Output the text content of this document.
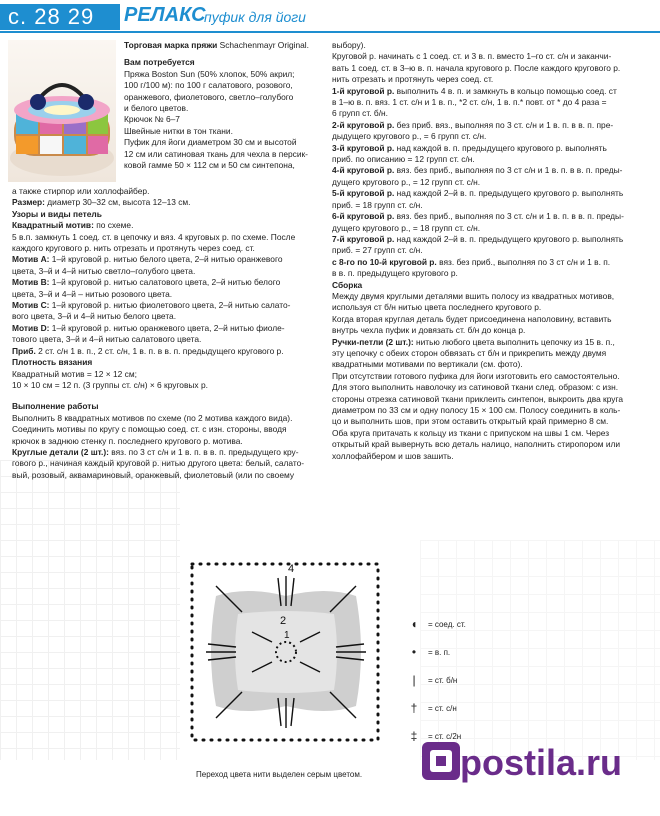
с. 28 29	РЕЛАКС
пуфик для йоги

Торговая марка пряжи Schachenmayr Original.

Вам потребуется

Пряжа Boston Sun (50% хлопок, 50% акрил;

100 г/100 м): по 100 г салатового, розового,

оранжевого, фиолетового, светло–голубого

и белого цветов.

Крючок № 6–7

Швейные нитки в тон ткани.

Пуфик для йоги диаметром 30 см и высотой

12 см или сатиновая ткань для чехла в персик-

ковой гамме 50 × 112 см и 50 см синтепона,

а также стирпор или холлофайбер.

Размер: диаметр 30–32 см, высота 12–13 см.

Узоры и виды петель

Квадратный мотив: по схеме.

5 в.п. замкнуть 1 соед. ст. в цепочку и вяз. 4 круговых р. по схеме. После

каждого кругового р. нить отрезать и протянуть через соед. ст.

Мотив А: 1–й круговой р. нитью белого цвета, 2–й нитью оранжевого

цвета, 3–й и 4–й нитью светло–голубого цвета.

Мотив В: 1–й круговой р. нитью салатового цвета, 2–й нитью белого

цвета, 3–й и 4–й – нитью розового цвета.

Мотив С: 1–й круговой р. нитью фиолетового цвета, 2–й нитью салато-

вого цвета, 3–й и 4–й нитью белого цвета.

Мотив D: 1–й круговой р. нитью оранжевого цвета, 2–й нитью фиоле-

тового цвета, 3–й и 4–й нитью салатового цвета.

Приб. 2 ст. с/н 1 в. п., 2 ст. с/н, 1 в. п. в в. п. предыдущего кругового р.

Плотность вязания

Квадратный мотив = 12 × 12 см;

10 × 10 см = 12 п. (3 группы ст. с/н) × 6 круговых р.

Выполнение работы

Выполнить 8 квадратных мотивов по схеме (по 2 мотива каждого вида).

Соединить мотивы по кругу с помощью соед. ст. с изн. стороны, вводя

крючок в заднюю стенку п. последнего кругового р. мотива.

Круглые детали (2 шт.): вяз. по 3 ст с/н и 1 в. п. в в. п. предыдущего кру-

гового р., начиная каждый круговой р. нитью другого цвета: белый, салато-

вый, розовый, аквамариновый, оранжевый, фиолетовый (или по своему

выбору).

Круговой р. начинать с 1 соед. ст. и 3 в. п. вместо 1–го ст. с/н и заканчи-

вать 1 соед. ст. в 3–ю в. п. начала кругового р. После каждого кругового р.

нить отрезать и протянуть через соед. ст.

1-й круговой р. выполнить 4 в. п. и замкнуть в кольцо помощью соед. ст

в 1–ю в. п. вяз. 1 ст. с/н и 1 в. п., *2 ст. с/н, 1 в. п.* повт. от * до 4 раза =

6 групп ст. б/н.

2-й круговой р. без приб. вяз., выполняя по 3 ст. с/н и 1 в. п. в в. п. пре-

дыдущего кругового р., = 6 групп ст. с/н.

3-й круговой р. над каждой в. п. предыдущего кругового р. выполнять

приб. по описанию = 12 групп ст. с/н.

4-й круговой р. вяз. без приб., выполняя по 3 ст с/н и 1 в. п. в в. п. преды-

дущего кругового р., = 12 групп ст. с/н.

5-й круговой р. над каждой 2–й в. п. предыдущего кругового р. выполнять

приб. = 18 групп ст. с/н.

6-й круговой р. вяз. без приб., выполняя по 3 ст. с/н и 1 в. п. в в. п. преды-

дущего кругового р., = 18 групп ст. с/н.

7-й круговой р. над каждой 2–й в. п. предыдущего кругового р. выполнять

приб. = 27 групп ст. с/н.

с 8-го по 10-й круговой р. вяз. без приб., выполняя по 3 ст с/н и 1 в. п.

в в. п. предыдущего кругового р.

Сборка

Между двумя круглыми деталями вшить полосу из квадратных мотивов,

используя ст б/н нитью цвета последнего кругового р.

Когда вторая круглая деталь будет присоединена наполовину, вставить

внутрь чехла пуфик и довязать ст. б/н до конца р.

Ручки-петли (2 шт.): нитью любого цвета выполнить цепочку из 15 в. п.,

эту цепочку с обеих сторон обвязать ст б/н и прикрепить между двумя

квадратными мотивами по вертикали (см. фото).

При отсутствии готового пуфика для йоги изготовить его самостоятельно.

Для этого выполнить наволочку из сатиновой ткани след. образом: с изн.

стороны отрезка сатиновой ткани приклеить синтепон, выкроить два круга

диаметром по 33 см и одну полосу 15 × 100 см. Полосу соединить в коль-

цо и выполнить шов, при этом оставить открытый край примерно 8 см.

Оба круга притачать к кольцу из ткани с припуском на швы 1 см. Через

открытый край вывернуть всю деталь налицо, наполнить стиропором или

холлофайбером и шов зашить.

4
2
1
◖	= соед. ст.
•	= в. п.
|	= ст. б/н
†	= ст. с/н
‡	= ст. с/2н
Переход цвета нити выделен серым цветом.	postila.ru
